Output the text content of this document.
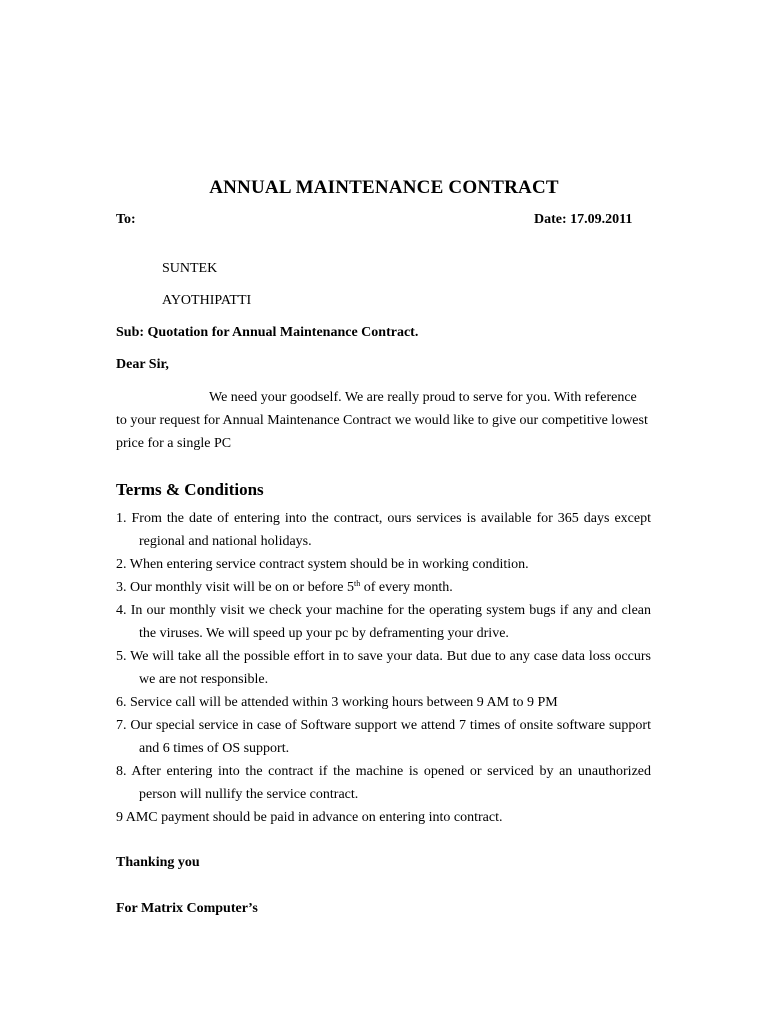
ANNUAL MAINTENANCE CONTRACT
To:	Date: 17.09.2011
SUNTEK
AYOTHIPATTI
Sub: Quotation for Annual Maintenance Contract.
Dear Sir,
We need your goodself. We are really proud to serve for you. With reference to your request for Annual Maintenance Contract we would like to give our competitive lowest price for a single PC
Terms & Conditions
1. From the date of entering into the contract, ours services is available for 365 days except regional and national holidays.
2. When entering service contract system should be in working condition.
3. Our monthly visit will be on or before 5th of every month.
4. In our monthly visit we check your machine for the operating system bugs if any and clean the viruses. We will speed up your pc by deframenting your drive.
5. We will take all the possible effort in to save your data. But due to any case data loss occurs we are not responsible.
6. Service call will be attended within 3 working hours between 9 AM to 9 PM
7. Our special service in case of Software support we attend 7 times of onsite software support and 6 times of OS support.
8. After entering into the contract if the machine is opened or serviced by an unauthorized person will nullify the service contract.
9 AMC payment should be paid in advance on entering into contract.
Thanking you
For Matrix Computer’s
